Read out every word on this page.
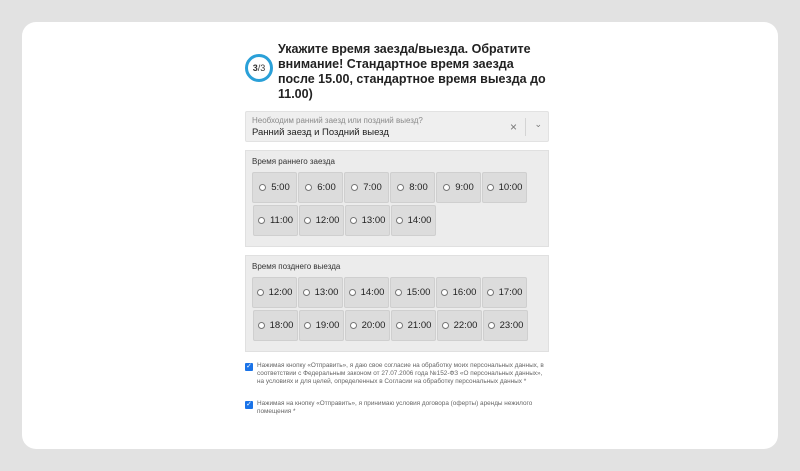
3 /3
Укажите время заезда/выезда. Обратите внимание! Стандартное время заезда после 15.00, стандартное время выезда до 11.00)
Необходим ранний заезд или поздний выезд?
Ранний заезд и Поздний выезд	× ⌄
Время раннего заезда
5:00	6:00	7:00	8:00	9:00	10:00
11:00 12:00 13:00 14:00
Время позднего выезда
12:00 13:00 14:00 15:00 16:00 17:00
18:00 19:00 20:00 21:00 22:00 23:00
✓ Нажимая кнопку «Отправить», я даю свое согласие на обработку моих персональных данных, в соответствии с Федеральным законом от 27.07.2006 года №152-ФЗ «О персональных данных», на условиях и для целей, определенных в Согласии на обработку персональных данных *
✓ Нажимая на кнопку «Отправить», я принимаю условия договора (оферты) аренды нежилого помещения *
